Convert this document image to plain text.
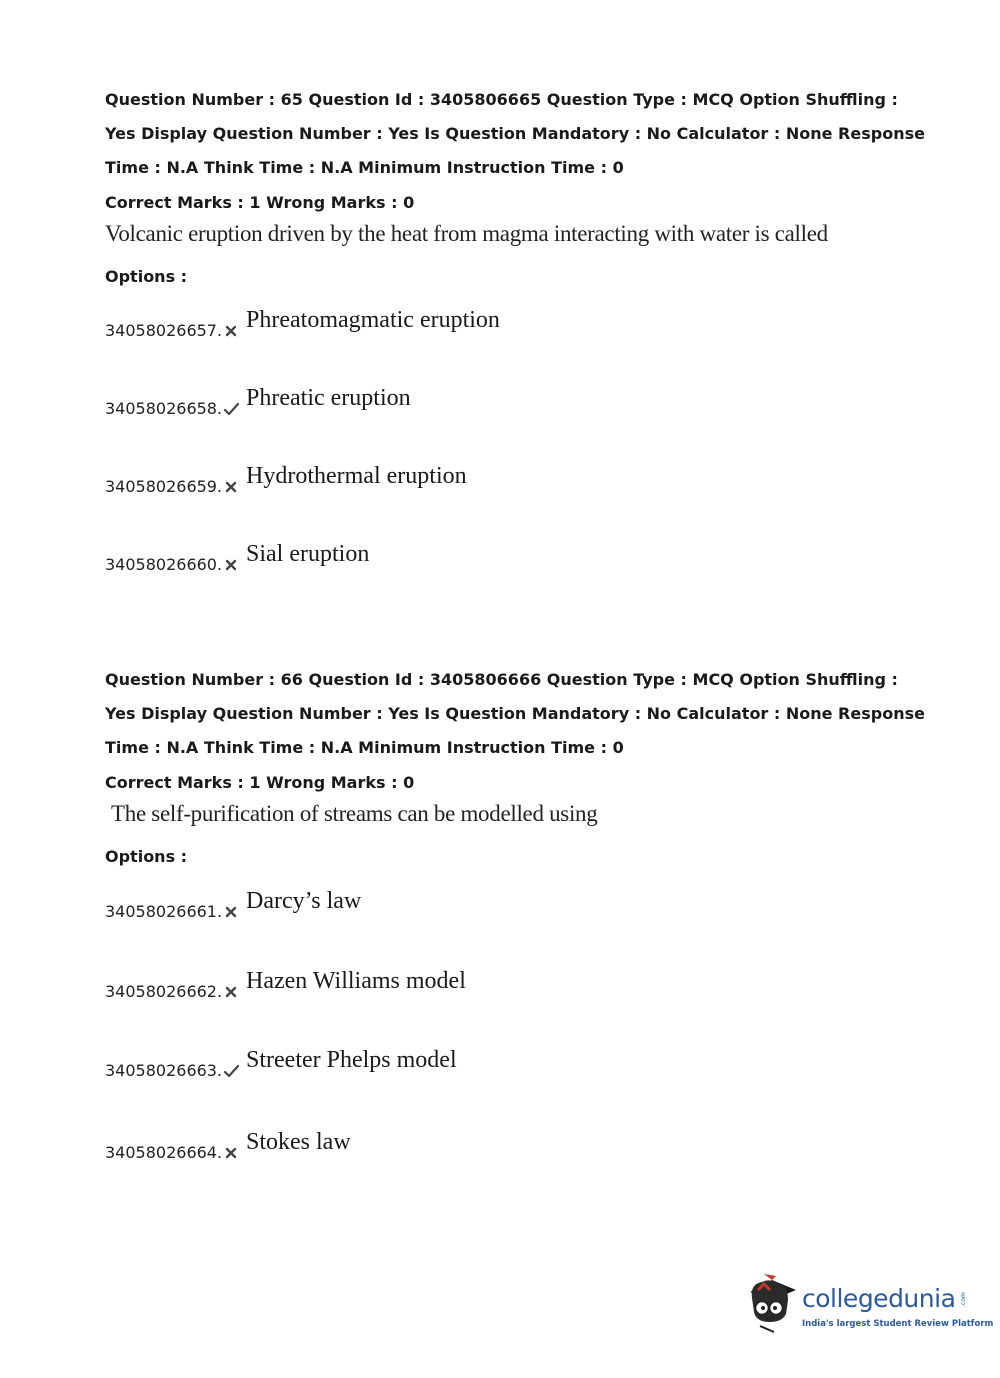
Question Number : 65 Question Id : 3405806665 Question Type : MCQ Option Shuffling : Yes Display Question Number : Yes Is Question Mandatory : No Calculator : None Response Time : N.A Think Time : N.A Minimum Instruction Time : 0

Correct Marks : 1 Wrong Marks : 0
Volcanic eruption driven by the heat from magma interacting with water is called
Options :
34058026657. Phreatomagmatic eruption
34058026658. Phreatic eruption
34058026659. Hydrothermal eruption
34058026660. Sial eruption

Question Number : 66 Question Id : 3405806666 Question Type : MCQ Option Shuffling : Yes Display Question Number : Yes Is Question Mandatory : No Calculator : None Response Time : N.A Think Time : N.A Minimum Instruction Time : 0

Correct Marks : 1 Wrong Marks : 0
The self-purification of streams can be modelled using
Options :
34058026661. Darcy’s law
34058026662. Hazen Williams model
34058026663. Streeter Phelps model
34058026664. Stokes law
collegedunia .com
India's largest Student Review Platform
